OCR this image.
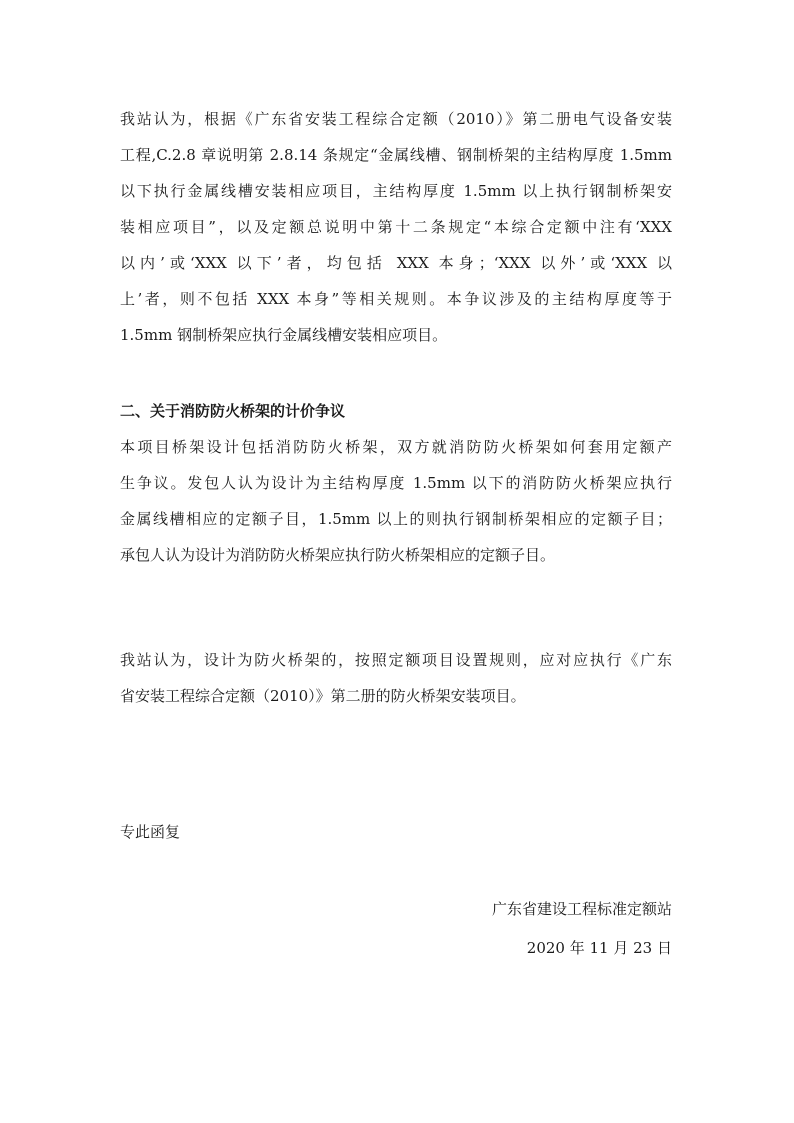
我站认为，根据《广东省安装工程综合定额（2010）》第二册电气设备安装
工程,C.2.8 章说明第 2.8.14 条规定“金属线槽、钢制桥架的主结构厚度 1.5mm
以下执行金属线槽安装相应项目，主结构厚度 1.5mm 以上执行钢制桥架安
装相应项目”，以及定额总说明中第十二条规定“本综合定额中注有‘XXX
以内’或‘XXX 以下’者，均包括 XXX 本身；‘XXX 以外’或‘XXX 以
上’者，则不包括 XXX 本身”等相关规则。本争议涉及的主结构厚度等于
1.5mm 钢制桥架应执行金属线槽安装相应项目。
二、关于消防防火桥架的计价争议
本项目桥架设计包括消防防火桥架，双方就消防防火桥架如何套用定额产
生争议。发包人认为设计为主结构厚度 1.5mm 以下的消防防火桥架应执行
金属线槽相应的定额子目，1.5mm 以上的则执行钢制桥架相应的定额子目；
承包人认为设计为消防防火桥架应执行防火桥架相应的定额子目。
我站认为，设计为防火桥架的，按照定额项目设置规则，应对应执行《广东
省安装工程综合定额（2010）》第二册的防火桥架安装项目。
专此函复
广东省建设工程标准定额站
2020 年 11 月 23 日
